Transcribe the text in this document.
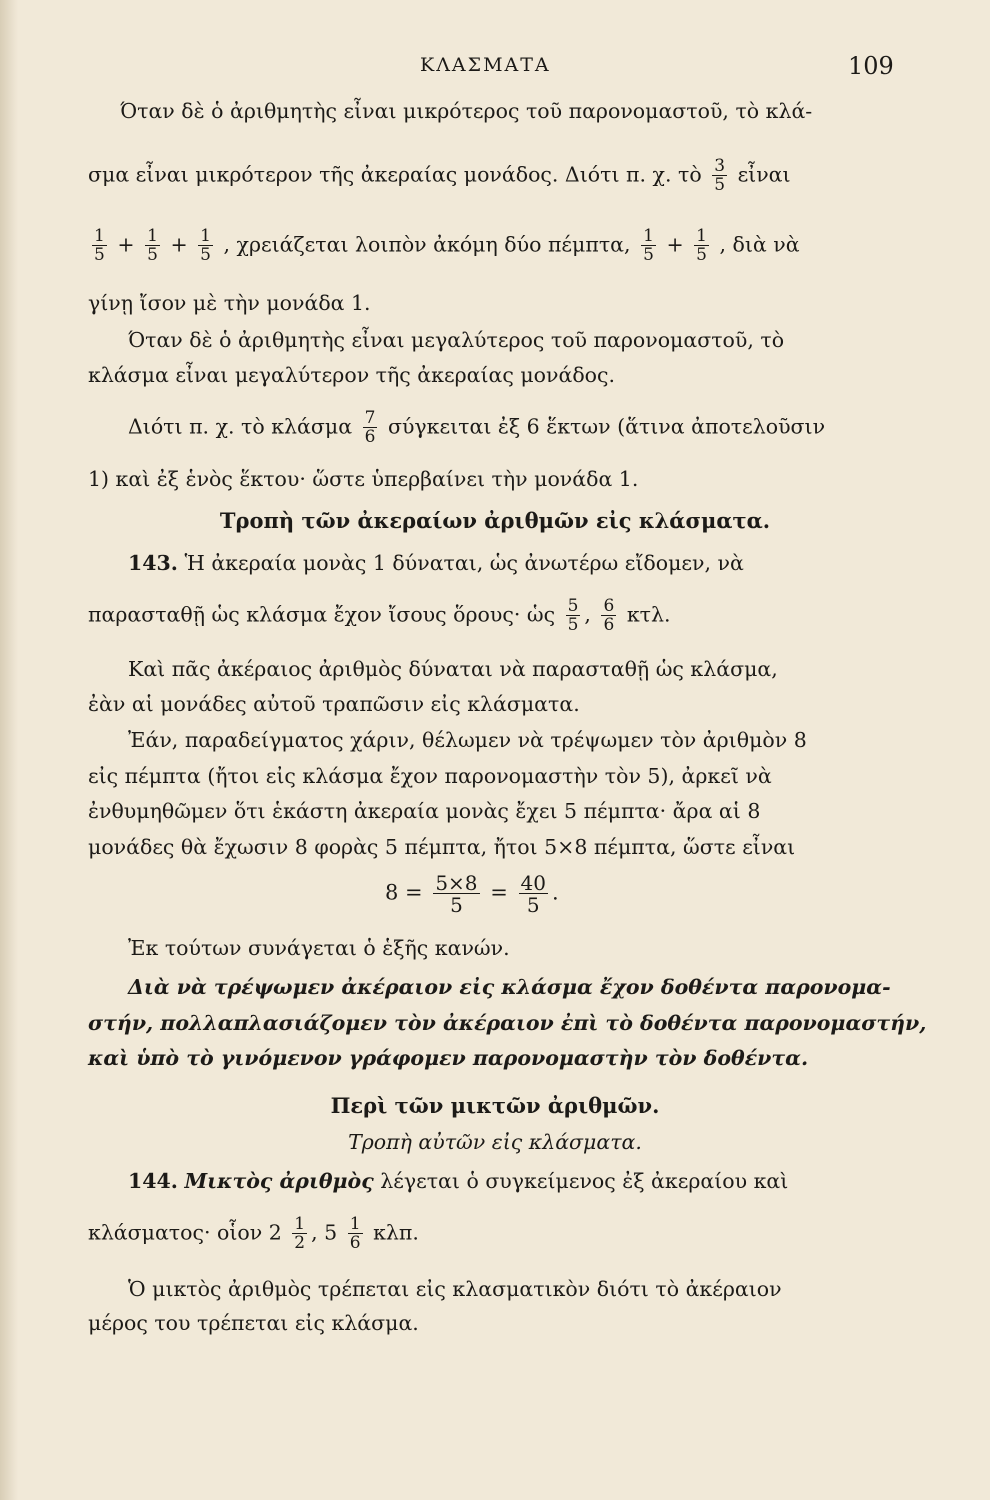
ΚΛΑΣΜΑΤΑ	109
Όταν δὲ ὁ ἀριθμητὴς εἶναι μικρότερος τοῦ παρονομαστοῦ, τὸ κλά-
σμα εἶναι μικρότερον τῆς ἀκεραίας μονάδος. Διότι π. χ. τὸ $\frac{3}{5}$ εἶναι
$\frac{1}{5} + \frac{1}{5} + \frac{1}{5}$ , χρειάζεται λοιπὸν ἀκόμη δύο πέμπτα, $\frac{1}{5} + \frac{1}{5}$ , διὰ νὰ
γίνῃ ἴσον μὲ τὴν μονάδα 1.
Όταν δὲ ὁ ἀριθμητὴς εἶναι μεγαλύτερος τοῦ παρονομαστοῦ, τὸ
κλάσμα εἶναι μεγαλύτερον τῆς ἀκεραίας μονάδος.
Διότι π. χ. τὸ κλάσμα $\frac{7}{6}$ σύγκειται ἐξ 6 ἕκτων (ἅτινα ἀποτελοῦσιν
1) καὶ ἐξ ἑνὸς ἕκτου· ὥστε ὑπερβαίνει τὴν μονάδα 1.
Τροπὴ τῶν ἀκεραίων ἀριθμῶν εἰς κλάσματα.
143. Ἡ ἀκεραία μονὰς 1 δύναται, ὡς ἀνωτέρω εἴδομεν, νὰ
παρασταθῇ ὡς κλάσμα ἔχον ἴσους ὅρους· ὡς $\frac{5}{5}$ , $\frac{6}{6} \kappa\tau\lambda$.
Καὶ πᾶς ἀκέραιος ἀριθμὸς δύναται νὰ παρασταθῇ ὡς κλάσμα,
ἐὰν αἱ μονάδες αὐτοῦ τραπῶσιν εἰς κλάσματα.
Ἐάν, παραδείγματος χάριν, θέλωμεν νὰ τρέψωμεν τὸν ἀριθμὸν 8
εἰς πέμπτα (ἤτοι εἰς κλάσμα ἔχον παρονομαστὴν τὸν 5), ἀρκεῖ νὰ
ἐνθυμηθῶμεν ὅτι ἑκάστη ἀκεραία μονὰς ἔχει 5 πέμπτα· ἄρα αἱ 8
μονάδες θὰ ἔχωσιν 8 φορὰς 5 πέμπτα, ἤτοι 5×8 πέμπτα, ὥστε εἶναι
$8 = \frac{5\times 8}{5} = \frac{40}{5}$ .
Ἐκ τούτων συνάγεται ὁ ἑξῆς κανών.
Διὰ νὰ τρέψωμεν ἀκέραιον εἰς κλάσμα ἔχον δοθέντα παρονομα-
στήν, πολλαπλασιάζομεν τὸν ἀκέραιον ἐπὶ τὸ δοθέντα παρονομαστήν,
καὶ ὑπὸ τὸ γινόμενον γράφομεν παρονομαστὴν τὸν δοθέντα.
Περὶ τῶν μικτῶν ἀριθμῶν.
Τροπὴ αὐτῶν εἰς κλάσματα.
144. Μικτὸς ἀριθμὸς λέγεται ὁ συγκείμενος ἐξ ἀκεραίου καὶ
κλάσματος· οἷον $2 \frac{1}{2}$ , $5 \frac{1}{6} \kappa\lambda\pi$.
Ὁ μικτὸς ἀριθμὸς τρέπεται εἰς κλασματικὸν διότι τὸ ἀκέραιον
μέρος του τρέπεται εἰς κλάσμα.
